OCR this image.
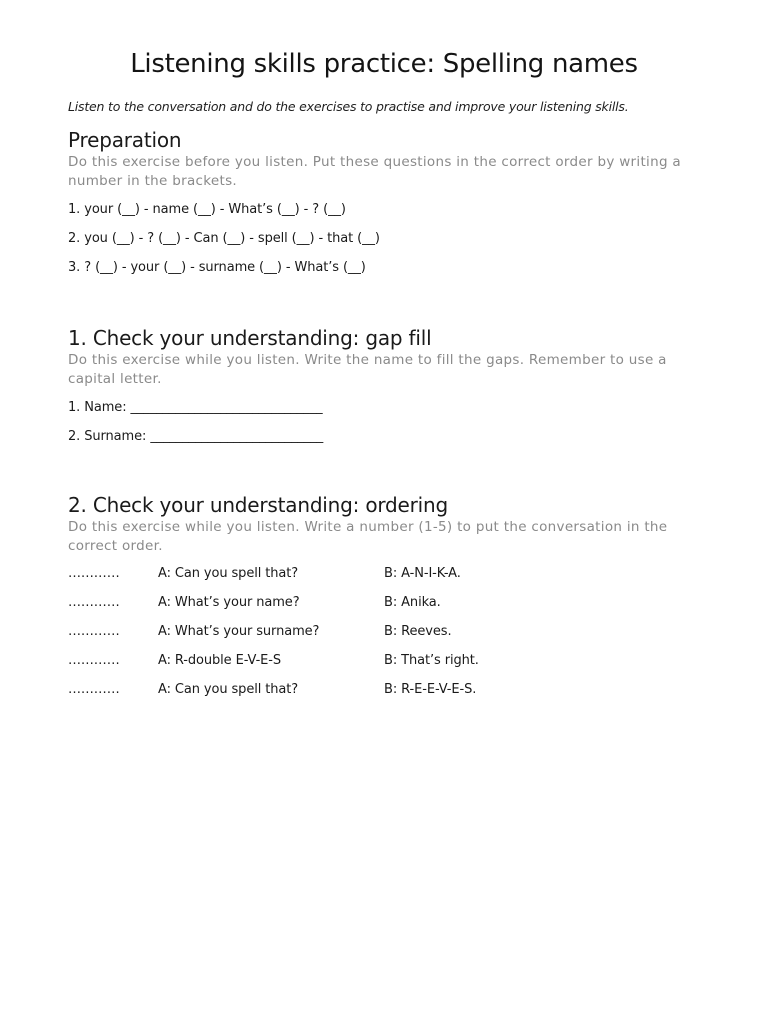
Listening skills practice: Spelling names

Listen to the conversation and do the exercises to practise and improve your listening skills.

Preparation

Do this exercise before you listen. Put these questions in the correct order by writing a number in the brackets.

1. your (__) - name (__) - What’s (__) - ? (__)

2. you (__) - ? (__) - Can (__) - spell (__) - that (__)

3. ? (__) - your (__) - surname (__) - What’s (__)

1. Check your understanding: gap fill

Do this exercise while you listen. Write the name to fill the gaps. Remember to use a capital letter.

1. Name: ______________________________

2. Surname: ___________________________

2. Check your understanding: ordering

Do this exercise while you listen. Write a number (1-5) to put the conversation in the correct order.

…………	A: Can you spell that?	B: A-N-I-K-A.
…………	A: What’s your name?	B: Anika.
…………	A: What’s your surname?	B: Reeves.
…………	A: R-double E-V-E-S	B: That’s right.
…………	A: Can you spell that?	B: R-E-E-V-E-S.
